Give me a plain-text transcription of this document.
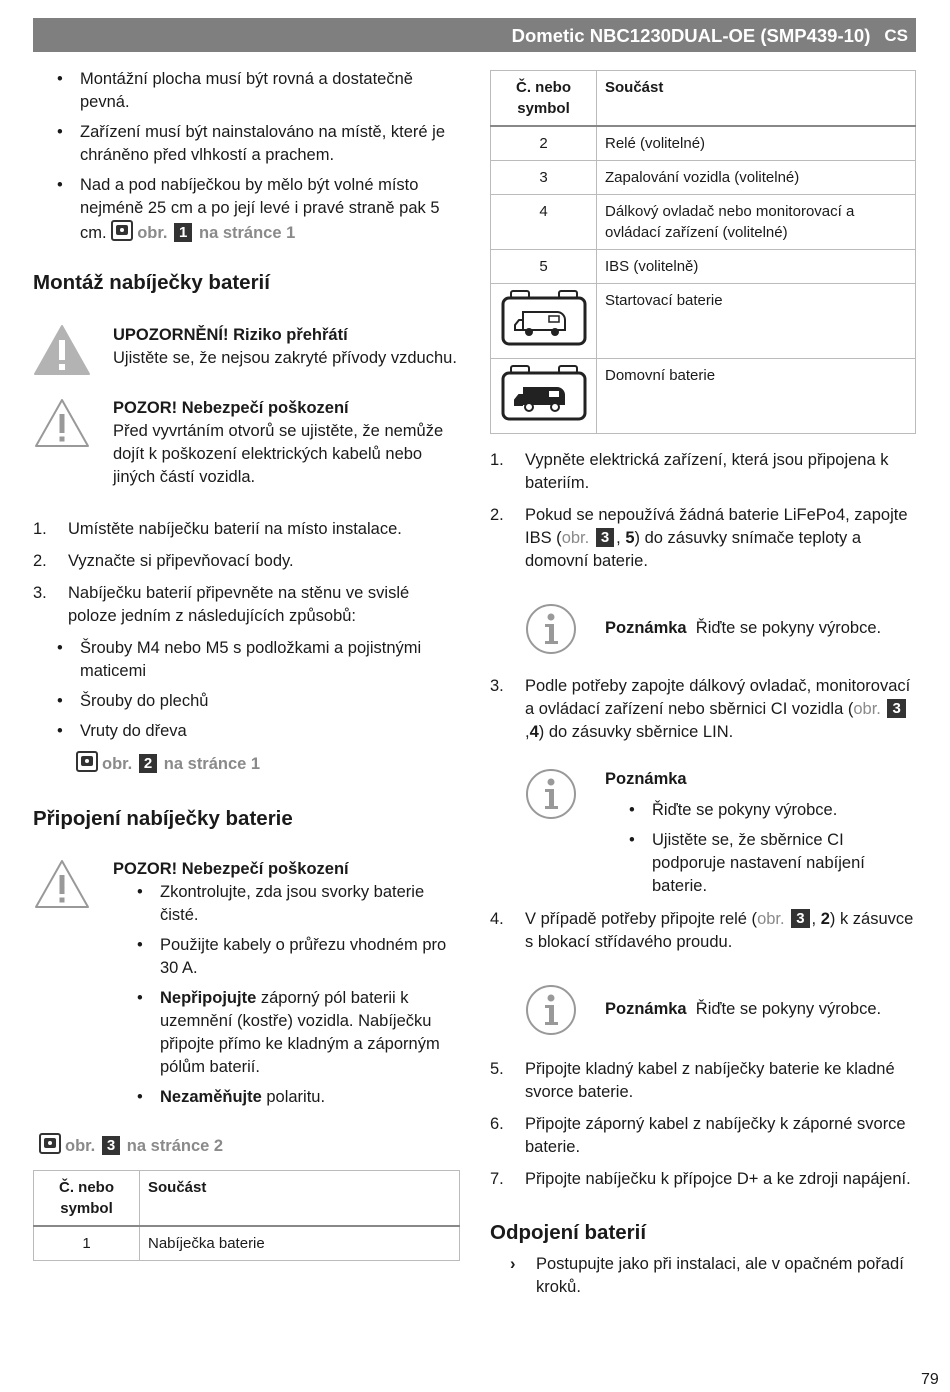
Dometic NBC1230DUAL-OE (SMP439-10) CS
• Montážní plocha musí být rovná a dostatečně pevná.
• Zařízení musí být nainstalováno na místě, které je chráněno před vlhkostí a prachem.
• Nad a pod nabíječkou by mělo být volné místo nejméně 25 cm a po její levé i pravé straně pak 5 cm. obr. 1 na stránce 1
Montáž nabíječky baterií
UPOZORNĚNÍ! Riziko přehřátí
Ujistěte se, že nejsou zakryté přívody vzduchu.
POZOR! Nebezpečí poškození
Před vyvrtáním otvorů se ujistěte, že nemůže dojít k poškození elektrických kabelů nebo jiných částí vozidla.
1. Umístěte nabíječku baterií na místo instalace.
2. Vyznačte si připevňovací body.
3. Nabíječku baterií připevněte na stěnu ve svislé poloze jedním z následujících způsobů:
• Šrouby M4 nebo M5 s podložkami a pojistnými maticemi
• Šrouby do plechů
• Vruty do dřeva
obr. 2 na stránce 1
Připojení nabíječky baterie
POZOR! Nebezpečí poškození
• Zkontrolujte, zda jsou svorky baterie čisté.
• Použijte kabely o průřezu vhodném pro 30 A.
• Nepřipojujte záporný pól baterii k uzemnění (kostře) vozidla. Nabíječku připojte přímo ke kladným a záporným pólům baterií.
• Nezaměňujte polaritu.
obr. 3 na stránce 2
Č. nebo symbol	Součást
1	Nabíječka baterie
Č. nebo symbol	Součást
2	Relé (volitelné)
3	Zapalování vozidla (volitelné)
4	Dálkový ovladač nebo monitorovací a ovládací zařízení (volitelné)
5	IBS (volitelně)
	Startovací baterie
	Domovní baterie
1. Vypněte elektrická zařízení, která jsou připojena k bateriím.
2. Pokud se nepoužívá žádná baterie LiFePo4, zapojte IBS (obr. 3 , 5) do zásuvky snímače teploty a domovní baterie.
Poznámka Řiďte se pokyny výrobce.
3. Podle potřeby zapojte dálkový ovladač, monitorovací a ovládací zařízení nebo sběrnici CI vozidla (obr. 3,4) do zásuvky sběrnice LIN.
Poznámka
• Řiďte se pokyny výrobce.
• Ujistěte se, že sběrnice CI podporuje nastavení nabíjení baterie.
4. V případě potřeby připojte relé (obr. 3 , 2) k zásuvce s blokací střídavého proudu.
Poznámka Řiďte se pokyny výrobce.
5. Připojte kladný kabel z nabíječky baterie ke kladné svorce baterie.
6. Připojte záporný kabel z nabíječky k záporné svorce baterie.
7. Připojte nabíječku k přípojce D+ a ke zdroji napájení.
Odpojení baterií
› Postupujte jako při instalaci, ale v opačném pořadí kroků.
79
